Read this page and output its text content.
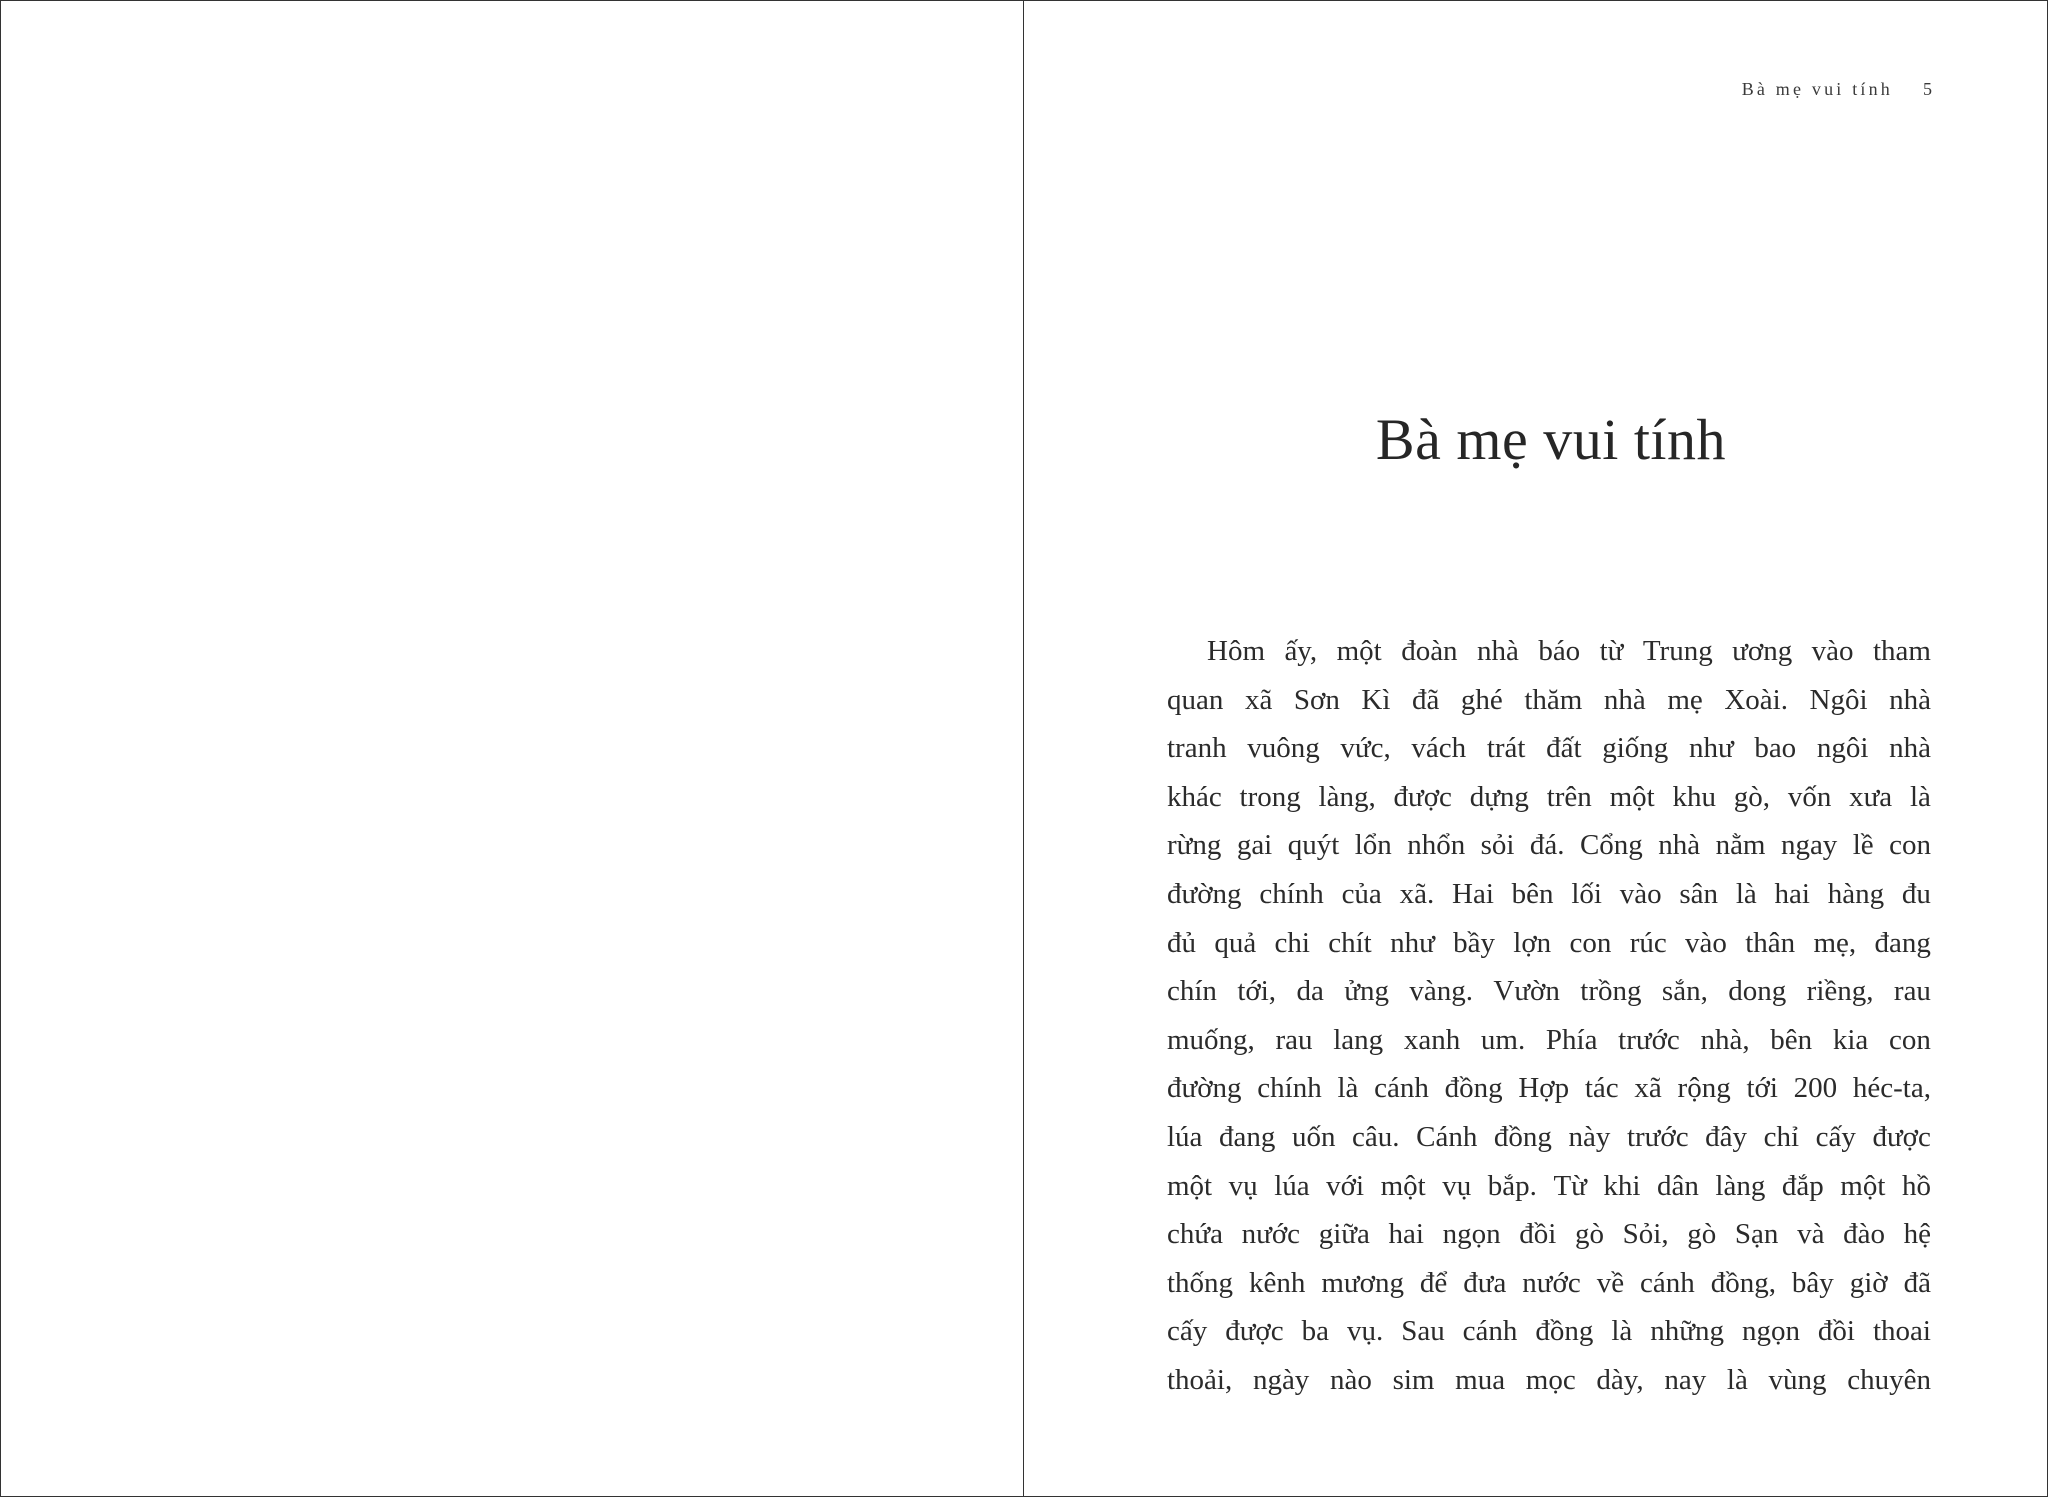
Bà mẹ vui tính 5
Bà mẹ vui tính

Hôm ấy, một đoàn nhà báo từ Trung ương vào tham
quan xã Sơn Kì đã ghé thăm nhà mẹ Xoài. Ngôi nhà
tranh vuông vức, vách trát đất giống như bao ngôi nhà
khác trong làng, được dựng trên một khu gò, vốn xưa là
rừng gai quýt lổn nhổn sỏi đá. Cổng nhà nằm ngay lề con
đường chính của xã. Hai bên lối vào sân là hai hàng đu
đủ quả chi chít như bầy lợn con rúc vào thân mẹ, đang
chín tới, da ửng vàng. Vườn trồng sắn, dong riềng, rau
muống, rau lang xanh um. Phía trước nhà, bên kia con
đường chính là cánh đồng Hợp tác xã rộng tới 200 héc-ta,
lúa đang uốn câu. Cánh đồng này trước đây chỉ cấy được
một vụ lúa với một vụ bắp. Từ khi dân làng đắp một hồ
chứa nước giữa hai ngọn đồi gò Sỏi, gò Sạn và đào hệ
thống kênh mương để đưa nước về cánh đồng, bây giờ đã
cấy được ba vụ. Sau cánh đồng là những ngọn đồi thoai
thoải, ngày nào sim mua mọc dày, nay là vùng chuyên
